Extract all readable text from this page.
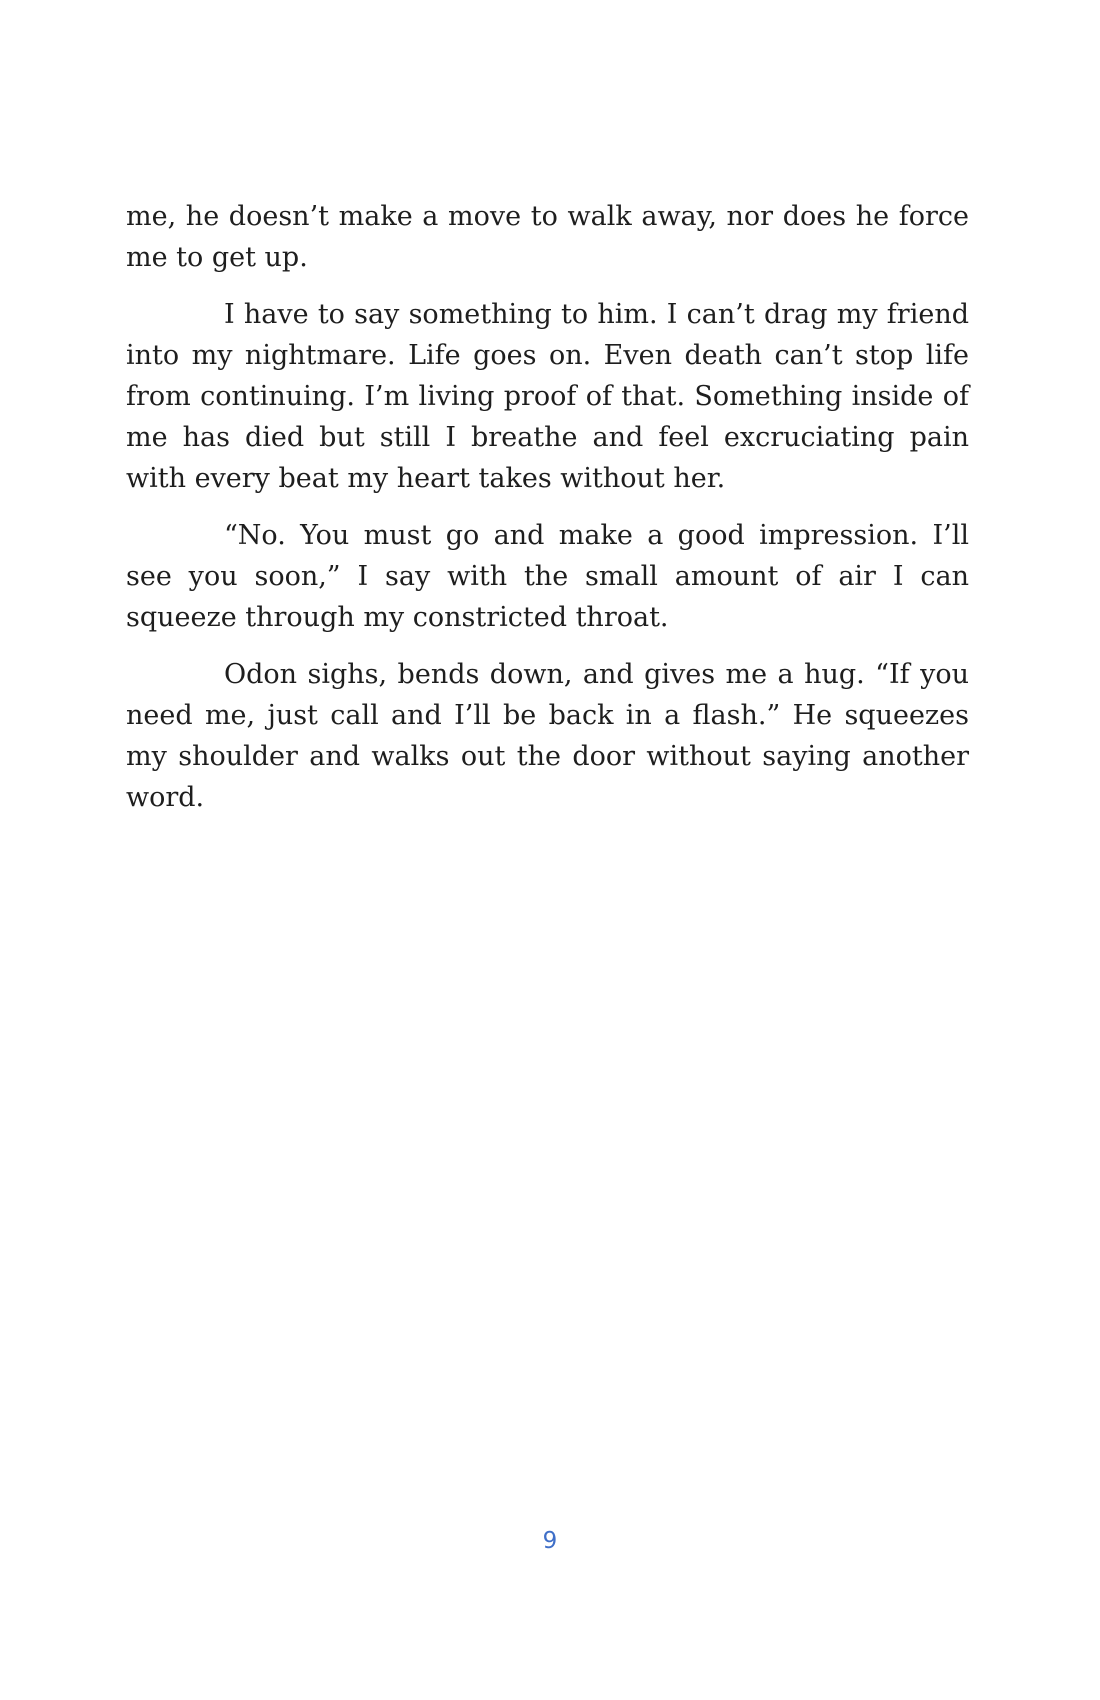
me, he doesn’t make a move to walk away, nor does he force me to get up.

I have to say something to him. I can’t drag my friend into my nightmare. Life goes on. Even death can’t stop life from continuing. I’m living proof of that. Something inside of me has died but still I breathe and feel excruciating pain with every beat my heart takes without her.

“No. You must go and make a good impression. I’ll see you soon,” I say with the small amount of air I can squeeze through my constricted throat.

Odon sighs, bends down, and gives me a hug. “If you need me, just call and I’ll be back in a flash.” He squeezes my shoulder and walks out the door without saying another word.

9
